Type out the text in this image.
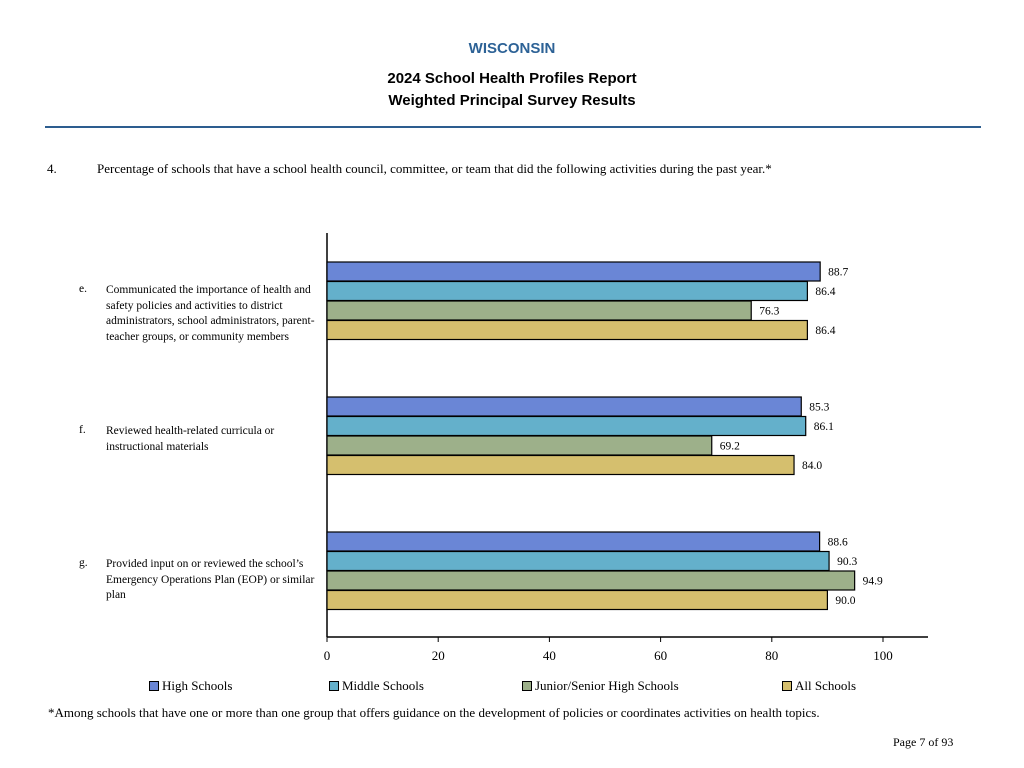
WISCONSIN
2024 School Health Profiles Report
Weighted Principal Survey Results
4.	Percentage of schools that have a school health council, committee, or team that did the following activities during the past year.*
e. Communicated the importance of health and safety policies and activities to district administrators, school administrators, parent-teacher groups, or community members
f. Reviewed health-related curricula or instructional materials
g. Provided input on or reviewed the school’s Emergency Operations Plan (EOP) or similar plan
0	20	40	60	80	100
88.7
86.4
76.3
86.4
85.3
86.1
69.2
84.0
88.6
90.3
94.9
90.0
High Schools	Middle Schools	Junior/Senior High Schools	All Schools
*Among schools that have one or more than one group that offers guidance on the development of policies or coordinates activities on health topics.
Page 7 of 93
